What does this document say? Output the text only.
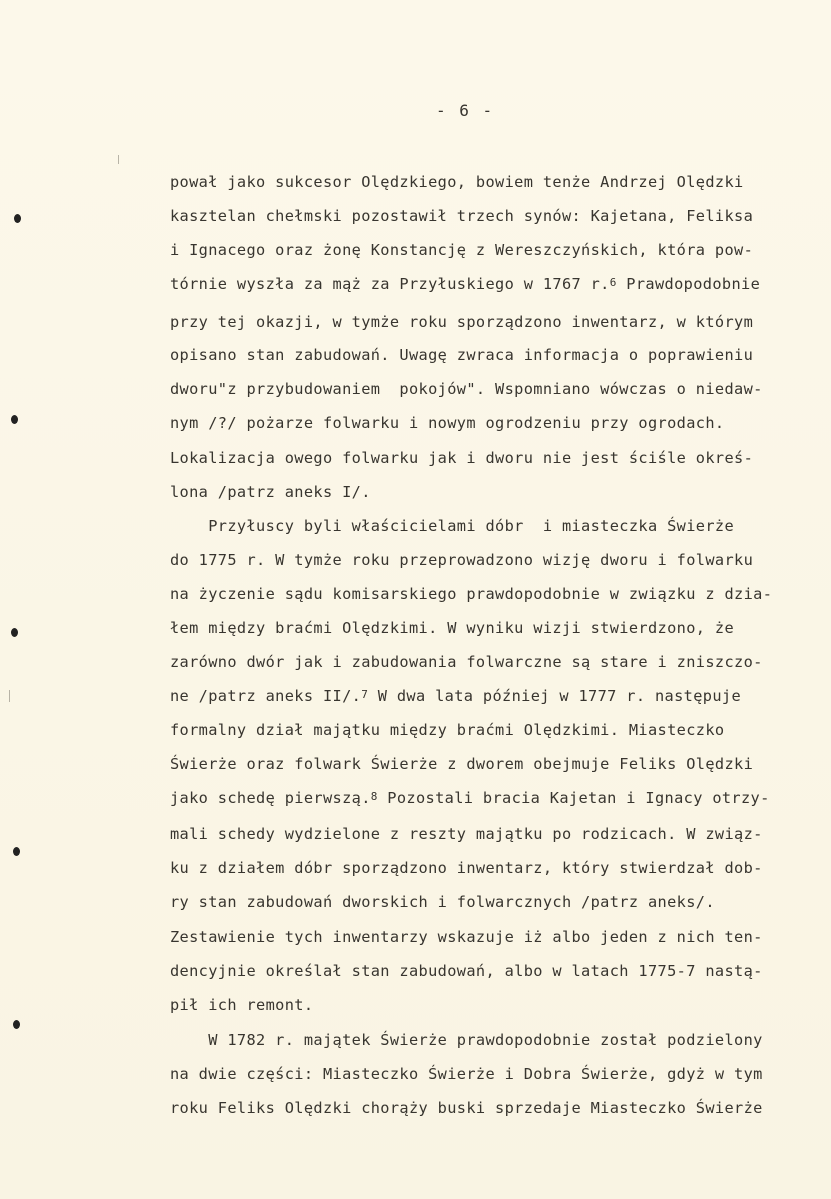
- 6 -
pował jako sukcesor Olędzkiego, bowiem tenże Andrzej Olędzki
kasztelan chełmski pozostawił trzech synów: Kajetana, Feliksa
i Ignacego oraz żonę Konstancję z Wereszczyńskich, która pow-
tórnie wyszła za mąż za Przyłuskiego w 1767 r.$^6$ Prawdopodobnie
przy tej okazji, w tymże roku sporządzono inwentarz, w którym
opisano stan zabudowań. Uwagę zwraca informacja o poprawieniu
dworu"z przybudowaniem  pokojów". Wspomniano wówczas o niedaw-
nym /?/ pożarze folwarku i nowym ogrodzeniu przy ogrodach.
Lokalizacja owego folwarku jak i dworu nie jest ściśle okreś-
lona /patrz aneks I/.
Przyłuscy byli właścicielami dóbr  i miasteczka Świerże
do 1775 r. W tymże roku przeprowadzono wizję dworu i folwarku
na życzenie sądu komisarskiego prawdopodobnie w związku z dzia-
łem między braćmi Olędzkimi. W wyniku wizji stwierdzono, że
zarówno dwór jak i zabudowania folwarczne są stare i zniszczo-
ne /patrz aneks II/.$^7$ W dwa lata później w 1777 r. następuje
formalny dział majątku między braćmi Olędzkimi. Miasteczko
Świerże oraz folwark Świerże z dworem obejmuje Feliks Olędzki
jako schedę pierwszą.$^8$ Pozostali bracia Kajetan i Ignacy otrzy-
mali schedy wydzielone z reszty majątku po rodzicach. W związ-
ku z działem dóbr sporządzono inwentarz, który stwierdzał dob-
ry stan zabudowań dworskich i folwarcznych /patrz aneks/.
Zestawienie tych inwentarzy wskazuje iż albo jeden z nich ten-
dencyjnie określał stan zabudowań, albo w latach 1775-7 nastą-
pił ich remont.
W 1782 r. majątek Świerże prawdopodobnie został podzielony
na dwie części: Miasteczko Świerże i Dobra Świerże, gdyż w tym
roku Feliks Olędzki chorąży buski sprzedaje Miasteczko Świerże
